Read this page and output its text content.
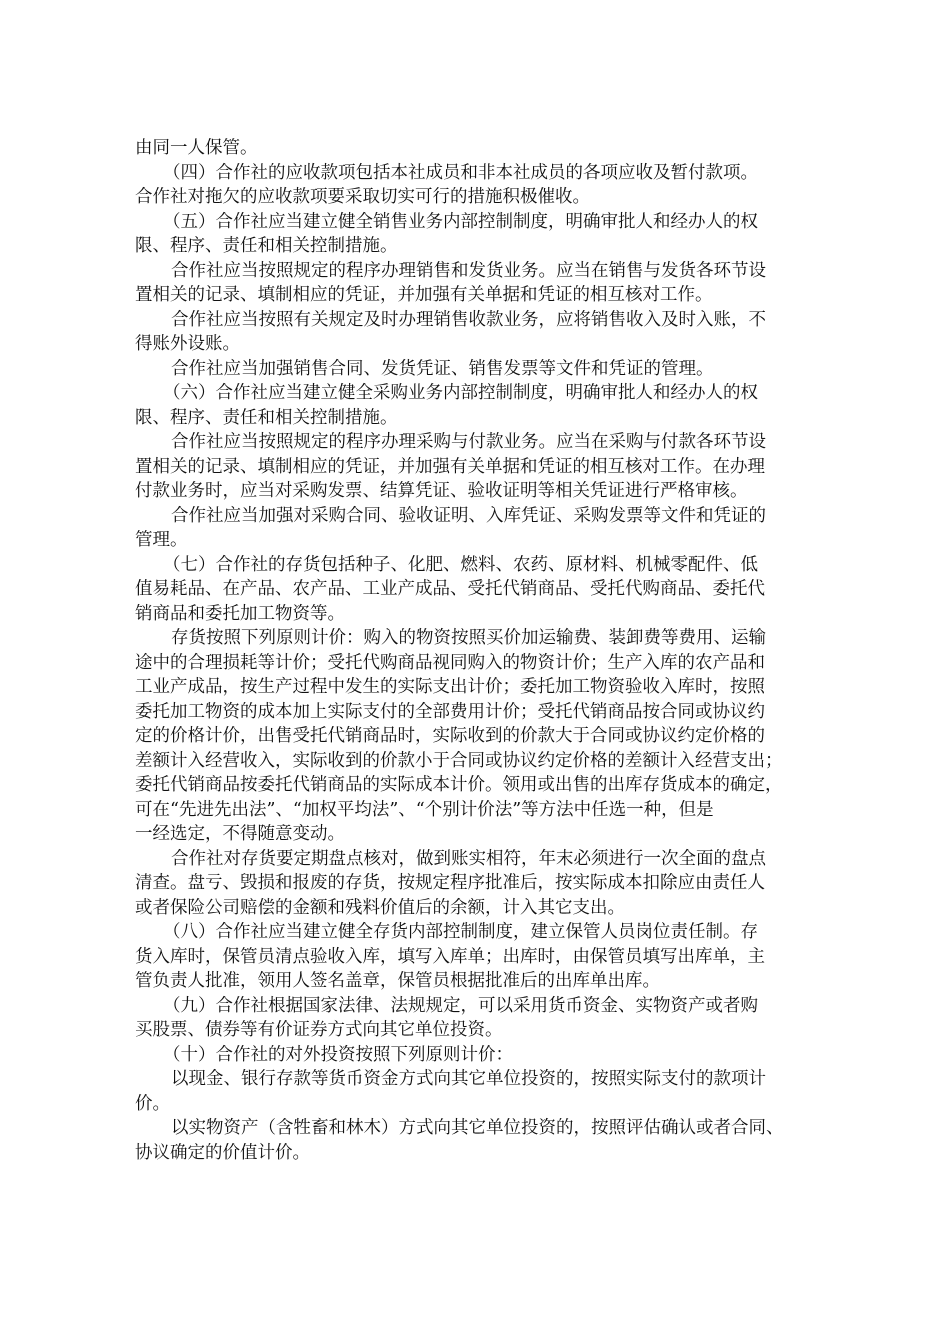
由同一人保管。
（四）合作社的应收款项包括本社成员和非本社成员的各项应收及暂付款项。
合作社对拖欠的应收款项要采取切实可行的措施积极催收。
（五）合作社应当建立健全销售业务内部控制制度，明确审批人和经办人的权
限、程序、责任和相关控制措施。
合作社应当按照规定的程序办理销售和发货业务。应当在销售与发货各环节设
置相关的记录、填制相应的凭证，并加强有关单据和凭证的相互核对工作。
合作社应当按照有关规定及时办理销售收款业务，应将销售收入及时入账，不
得账外设账。
合作社应当加强销售合同、发货凭证、销售发票等文件和凭证的管理。
（六）合作社应当建立健全采购业务内部控制制度，明确审批人和经办人的权
限、程序、责任和相关控制措施。
合作社应当按照规定的程序办理采购与付款业务。应当在采购与付款各环节设
置相关的记录、填制相应的凭证，并加强有关单据和凭证的相互核对工作。在办理
付款业务时，应当对采购发票、结算凭证、验收证明等相关凭证进行严格审核。
合作社应当加强对采购合同、验收证明、入库凭证、采购发票等文件和凭证的
管理。
（七）合作社的存货包括种子、化肥、燃料、农药、原材料、机械零配件、低
值易耗品、在产品、农产品、工业产成品、受托代销商品、受托代购商品、委托代
销商品和委托加工物资等。
存货按照下列原则计价：购入的物资按照买价加运输费、装卸费等费用、运输
途中的合理损耗等计价；受托代购商品视同购入的物资计价；生产入库的农产品和
工业产成品，按生产过程中发生的实际支出计价；委托加工物资验收入库时，按照
委托加工物资的成本加上实际支付的全部费用计价；受托代销商品按合同或协议约
定的价格计价，出售受托代销商品时，实际收到的价款大于合同或协议约定价格的
差额计入经营收入，实际收到的价款小于合同或协议约定价格的差额计入经营支出；
委托代销商品按委托代销商品的实际成本计价。领用或出售的出库存货成本的确定，
可在“先进先出法”、“加权平均法”、“个别计价法”等方法中任选一种，但是
一经选定，不得随意变动。
合作社对存货要定期盘点核对，做到账实相符，年末必须进行一次全面的盘点
清查。盘亏、毁损和报废的存货，按规定程序批准后，按实际成本扣除应由责任人
或者保险公司赔偿的金额和残料价值后的余额，计入其它支出。
（八）合作社应当建立健全存货内部控制制度，建立保管人员岗位责任制。存
货入库时，保管员清点验收入库，填写入库单；出库时，由保管员填写出库单，主
管负责人批准，领用人签名盖章，保管员根据批准后的出库单出库。
（九）合作社根据国家法律、法规规定，可以采用货币资金、实物资产或者购
买股票、债券等有价证券方式向其它单位投资。
（十）合作社的对外投资按照下列原则计价：
以现金、银行存款等货币资金方式向其它单位投资的，按照实际支付的款项计
价。
以实物资产（含牲畜和林木）方式向其它单位投资的，按照评估确认或者合同、
协议确定的价值计价。
